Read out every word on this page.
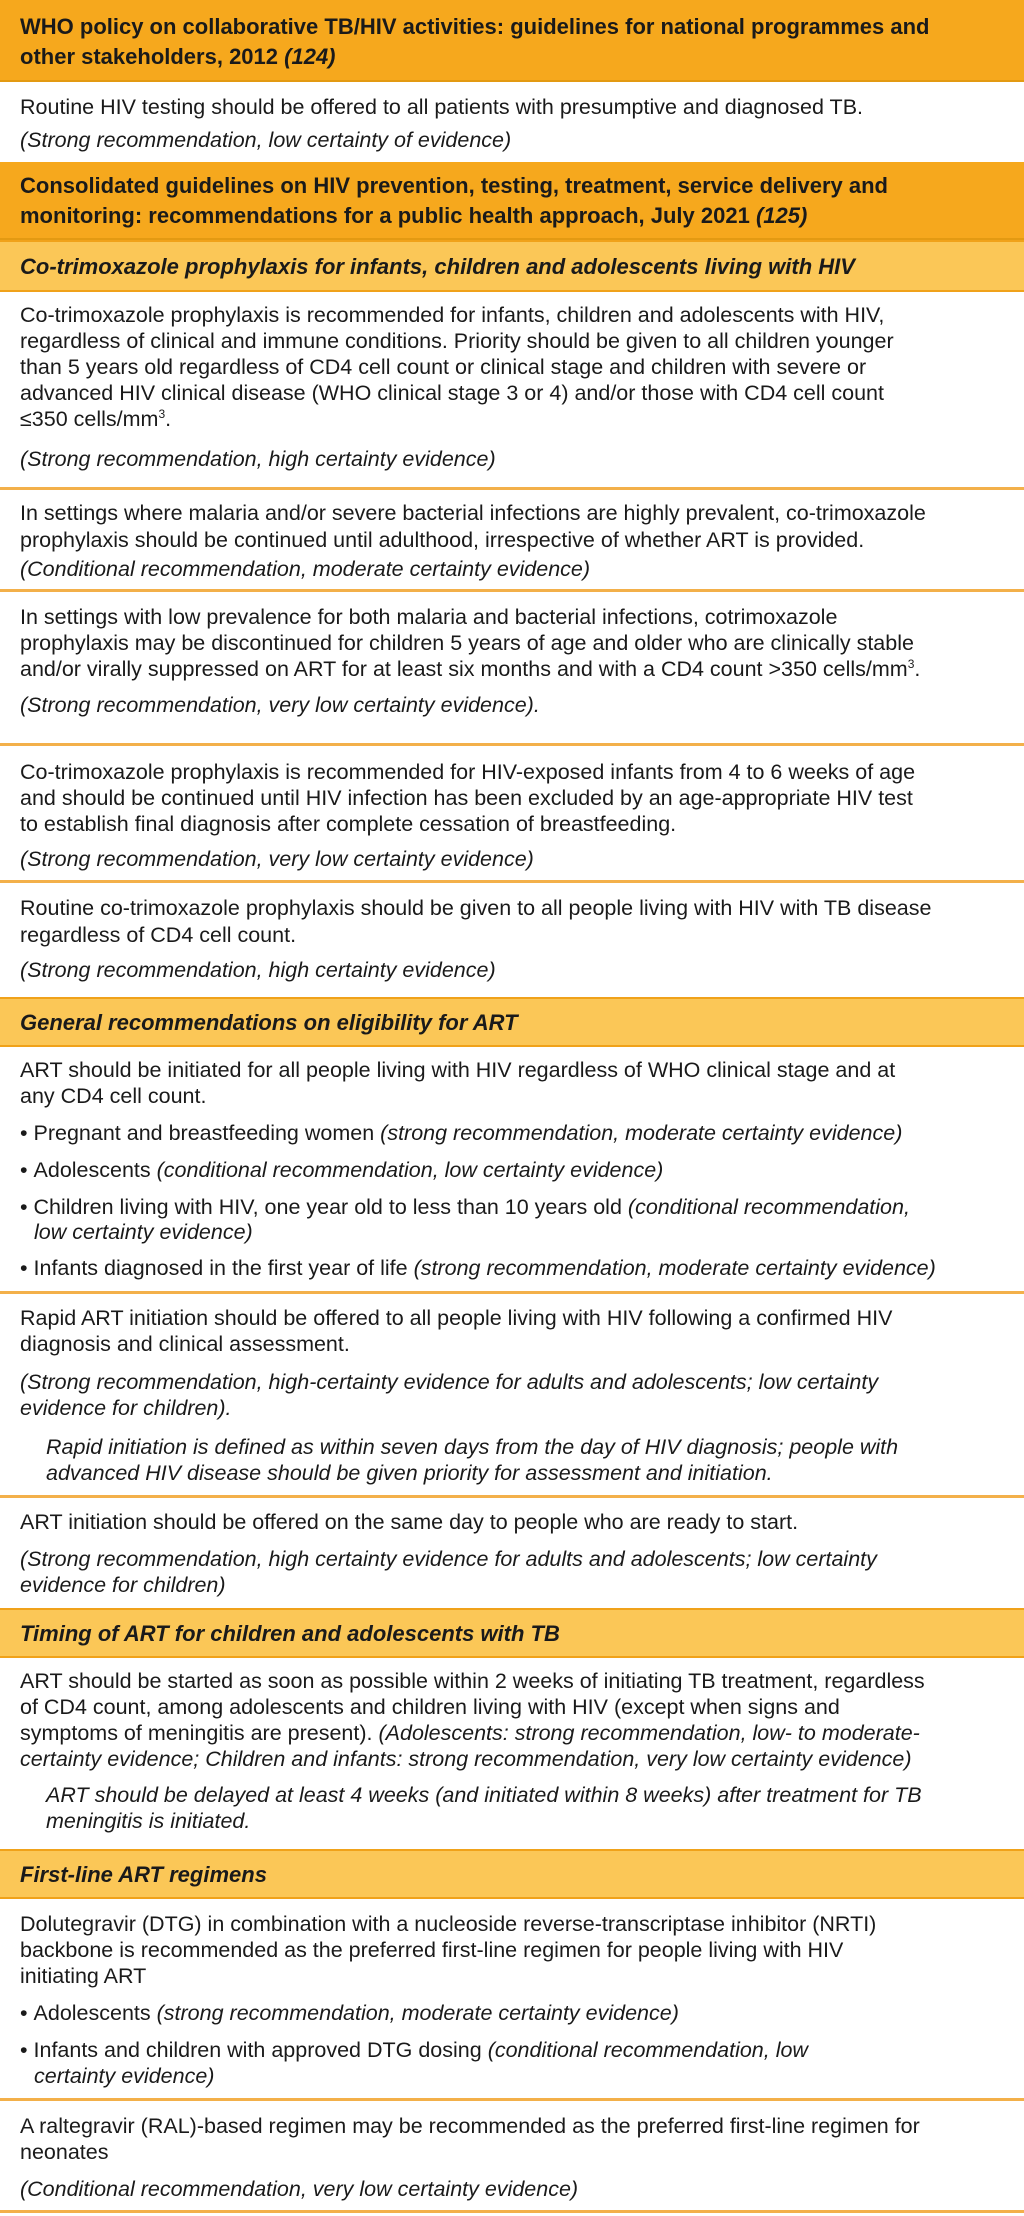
WHO policy on collaborative TB/HIV activities: guidelines for national programmes and

other stakeholders, 2012 (124)

Routine HIV testing should be offered to all patients with presumptive and diagnosed TB.

(Strong recommendation, low certainty of evidence)

Consolidated guidelines on HIV prevention, testing, treatment, service delivery and

monitoring: recommendations for a public health approach, July 2021 (125)

Co-trimoxazole prophylaxis for infants, children and adolescents living with HIV

Co-trimoxazole prophylaxis is recommended for infants, children and adolescents with HIV,

regardless of clinical and immune conditions. Priority should be given to all children younger

than 5 years old regardless of CD4 cell count or clinical stage and children with severe or

advanced HIV clinical disease (WHO clinical stage 3 or 4) and/or those with CD4 cell count

≤350 cells/$mm^3$.

(Strong recommendation, high certainty evidence)

In settings where malaria and/or severe bacterial infections are highly prevalent, co-trimoxazole

prophylaxis should be continued until adulthood, irrespective of whether ART is provided.

(Conditional recommendation, moderate certainty evidence)

In settings with low prevalence for both malaria and bacterial infections, cotrimoxazole

prophylaxis may be discontinued for children 5 years of age and older who are clinically stable

and/or virally suppressed on ART for at least six months and with a CD4 count >350 cells/$mm^3$.

(Strong recommendation, very low certainty evidence).

Co-trimoxazole prophylaxis is recommended for HIV-exposed infants from 4 to 6 weeks of age

and should be continued until HIV infection has been excluded by an age-appropriate HIV test

to establish final diagnosis after complete cessation of breastfeeding.

(Strong recommendation, very low certainty evidence)

Routine co-trimoxazole prophylaxis should be given to all people living with HIV with TB disease

regardless of CD4 cell count.

(Strong recommendation, high certainty evidence)

General recommendations on eligibility for ART

ART should be initiated for all people living with HIV regardless of WHO clinical stage and at

any CD4 cell count.

• Pregnant and breastfeeding women (strong recommendation, moderate certainty evidence)

• Adolescents (conditional recommendation, low certainty evidence)

• Children living with HIV, one year old to less than 10 years old (conditional recommendation,

low certainty evidence)

• Infants diagnosed in the first year of life (strong recommendation, moderate certainty evidence)

Rapid ART initiation should be offered to all people living with HIV following a confirmed HIV

diagnosis and clinical assessment.

(Strong recommendation, high-certainty evidence for adults and adolescents; low certainty

evidence for children).

Rapid initiation is defined as within seven days from the day of HIV diagnosis; people with

advanced HIV disease should be given priority for assessment and initiation.

ART initiation should be offered on the same day to people who are ready to start.

(Strong recommendation, high certainty evidence for adults and adolescents; low certainty

evidence for children)

Timing of ART for children and adolescents with TB

ART should be started as soon as possible within 2 weeks of initiating TB treatment, regardless

of CD4 count, among adolescents and children living with HIV (except when signs and

symptoms of meningitis are present). (Adolescents: strong recommendation, low- to moderate-

certainty evidence; Children and infants: strong recommendation, very low certainty evidence)

ART should be delayed at least 4 weeks (and initiated within 8 weeks) after treatment for TB

meningitis is initiated.

First-line ART regimens

Dolutegravir (DTG) in combination with a nucleoside reverse-transcriptase inhibitor (NRTI)

backbone is recommended as the preferred first-line regimen for people living with HIV

initiating ART

• Adolescents (strong recommendation, moderate certainty evidence)

• Infants and children with approved DTG dosing (conditional recommendation, low

certainty evidence)

A raltegravir (RAL)-based regimen may be recommended as the preferred first-line regimen for

neonates

(Conditional recommendation, very low certainty evidence)
